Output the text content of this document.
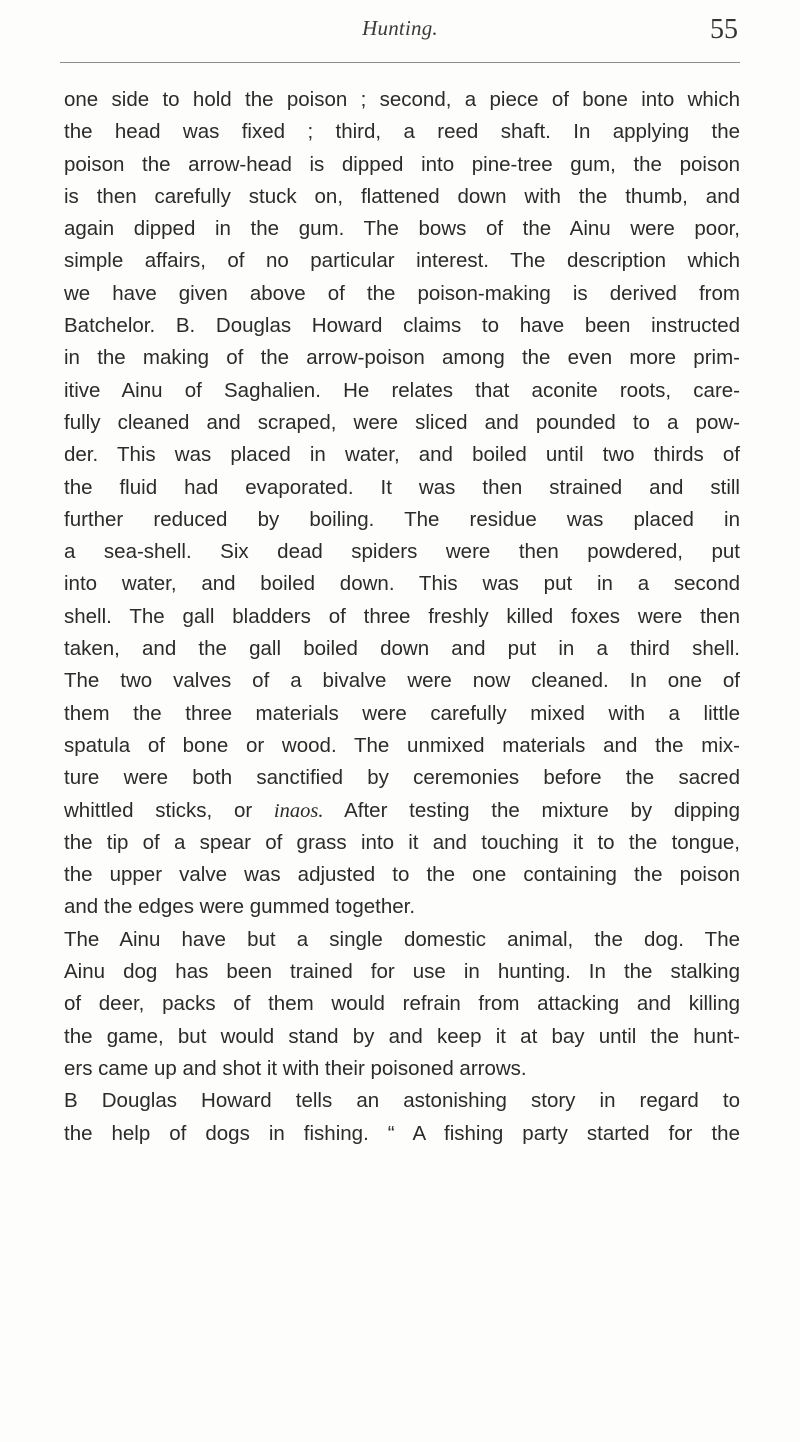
Hunting.	55
one side to hold the poison ; second, a piece of bone into which
the head was fixed ; third, a reed shaft. In applying the
poison the arrow-head is dipped into pine-tree gum, the poison
is then carefully stuck on, flattened down with the thumb, and
again dipped in the gum. The bows of the Ainu were poor,
simple affairs, of no particular interest. The description which
we have given above of the poison-making is derived from
Batchelor. B. Douglas Howard claims to have been instructed
in the making of the arrow-poison among the even more prim-
itive Ainu of Saghalien. He relates that aconite roots, care-
fully cleaned and scraped, were sliced and pounded to a pow-
der. This was placed in water, and boiled until two thirds of
the fluid had evaporated. It was then strained and still
further reduced by boiling. The residue was placed in
a sea-shell. Six dead spiders were then powdered, put
into water, and boiled down. This was put in a second
shell. The gall bladders of three freshly killed foxes were then
taken, and the gall boiled down and put in a third shell.
The two valves of a bivalve were now cleaned. In one of
them the three materials were carefully mixed with a little
spatula of bone or wood. The unmixed materials and the mix-
ture were both sanctified by ceremonies before the sacred
whittled sticks, or inaos. After testing the mixture by dipping
the tip of a spear of grass into it and touching it to the tongue,
the upper valve was adjusted to the one containing the poison
and the edges were gummed together.
The Ainu have but a single domestic animal, the dog. The
Ainu dog has been trained for use in hunting. In the stalking
of deer, packs of them would refrain from attacking and killing
the game, but would stand by and keep it at bay until the hunt-
ers came up and shot it with their poisoned arrows.
B Douglas Howard tells an astonishing story in regard to
the help of dogs in fishing. “ A fishing party started for the
